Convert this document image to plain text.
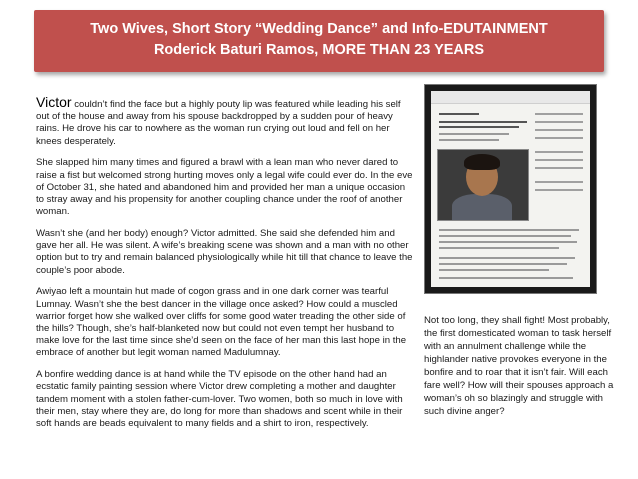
Two Wives, Short Story “Wedding Dance” and Info-EDUTAINMENT
Roderick Baturi Ramos, MORE THAN 23 YEARS

Victor couldn’t find the face but a highly pouty lip was featured while leading his self out of the house and away from his spouse backdropped by a sudden pour of heavy rains. He drove his car to nowhere as the woman run crying out loud and fell on her knees desperately.

She slapped him many times and figured a brawl with a lean man who never dared to raise a fist but welcomed strong hurting moves only a legal wife could ever do. In the eve of October 31, she hated and abandoned him and provided her man a unique occasion to stray away and his propensity for another coupling chance under the roof of another woman.

Wasn’t she (and her body) enough? Victor admitted. She said she defended him and gave her all. He was silent. A wife’s breaking scene was shown and a man with no other option but to try and remain balanced physiologically while hit till that chance to leave the couple’s poor abode.

Awiyao left a mountain hut made of cogon grass and in one dark corner was tearful Lumnay. Wasn’t she the best dancer in the village once asked? How could a muscled warrior forget how she walked over cliffs for some good water treading the other side of the hills? Though, she’s half-blanketed now but could not even tempt her husband to make love for the last time since she’d seen on the face of her man this last hope in the embrace of another but legit woman named Madulumnay.

A bonfire wedding dance is at hand while the TV episode on the other hand had an ecstatic family painting session where Victor drew completing a mother and daughter tandem moment with a stolen father-cum-lover. Two women, both so much in love with their men, stay where they are, do long for more than shadows and scent while in their soft hands are beads equivalent to many fields and a shirt to iron, respectively.

Not too long, they shall fight! Most probably, the first domesticated woman to task herself with an annulment challenge while the highlander native provokes everyone in the bonfire and to roar that it isn’t fair. Will each fare well? How will their spouses approach a woman’s oh so blazingly and struggle with such divine anger?
